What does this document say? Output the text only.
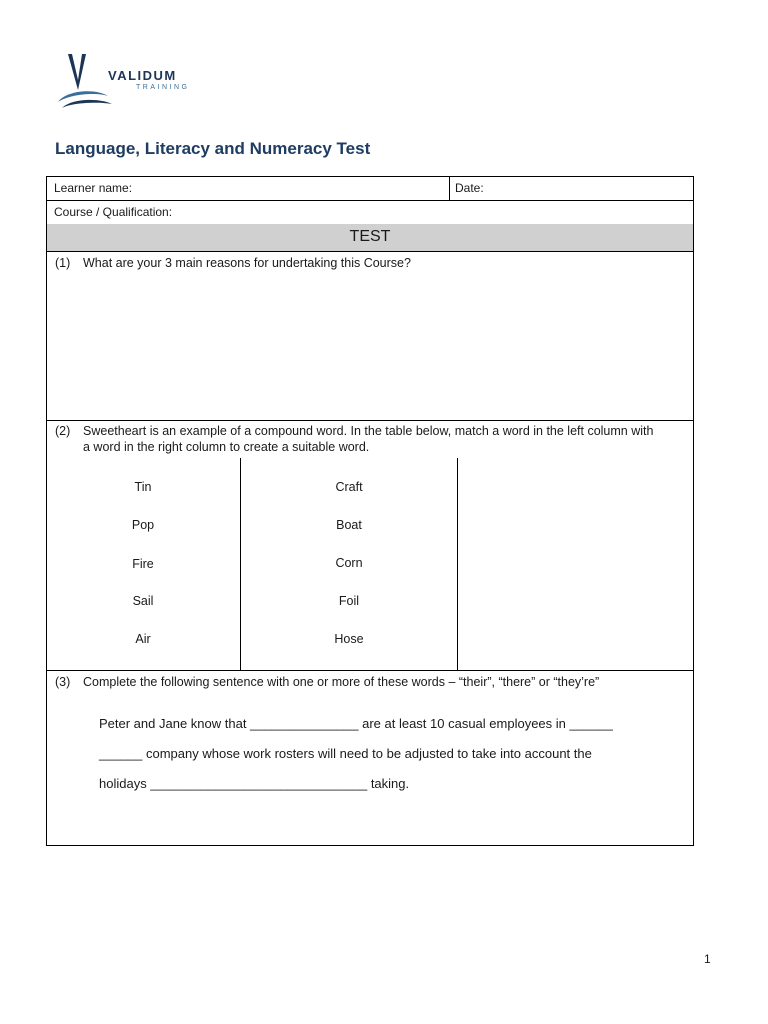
VALIDUM
TRAINING
Language, Literacy and Numeracy Test
Learner name:	Date:
Course / Qualification:
TEST
(1) What are your 3 main reasons for undertaking this Course?
(2) Sweetheart is an example of a compound word. In the table below, match a word in the left column with a word in the right column to create a suitable word.
Tin
Pop
Fire
Sail
Air
Craft
Boat
Corn
Foil
Hose
(3) Complete the following sentence with one or more of these words – “their”, “there” or “they’re”
Peter and Jane know that _______________ are at least 10 casual employees in ______
______ company whose work rosters will need to be adjusted to take into account the
holidays ______________________________ taking.
1
